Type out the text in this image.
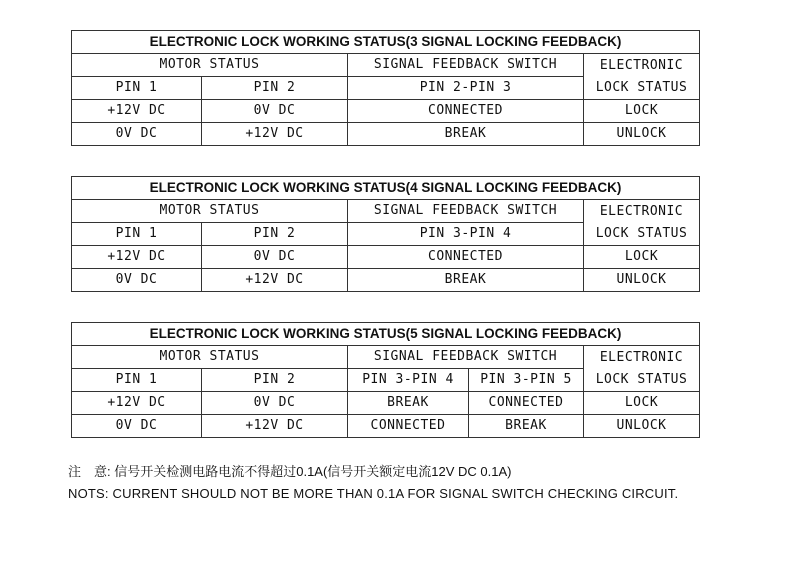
ELECTRONIC LOCK WORKING STATUS(3 SIGNAL LOCKING FEEDBACK)			
MOTOR STATUS		SIGNAL FEEDBACK SWITCH	ELECTRONIC
LOCK STATUS

PIN 1	PIN 2	PIN 2-PIN 3	
+12V DC	0V DC	CONNECTED	LOCK
0V DC	+12V DC	BREAK	UNLOCK
ELECTRONIC LOCK WORKING STATUS(4 SIGNAL LOCKING FEEDBACK)			
MOTOR STATUS		SIGNAL FEEDBACK SWITCH	ELECTRONIC
LOCK STATUS

PIN 1	PIN 2	PIN 3-PIN 4	
+12V DC	0V DC	CONNECTED	LOCK
0V DC	+12V DC	BREAK	UNLOCK
ELECTRONIC LOCK WORKING STATUS(5 SIGNAL LOCKING FEEDBACK)				
MOTOR STATUS		SIGNAL FEEDBACK SWITCH		ELECTRONIC
LOCK STATUS

PIN 1	PIN 2	PIN 3-PIN 4	PIN 3-PIN 5	
+12V DC	0V DC	BREAK	CONNECTED	LOCK
0V DC	+12V DC	CONNECTED	BREAK	UNLOCK
注　意: 信号开关检测电路电流不得超过0.1A(信号开关额定电流12V DC 0.1A)
NOTS: CURRENT SHOULD NOT BE MORE THAN 0.1A FOR SIGNAL SWITCH CHECKING CIRCUIT.
